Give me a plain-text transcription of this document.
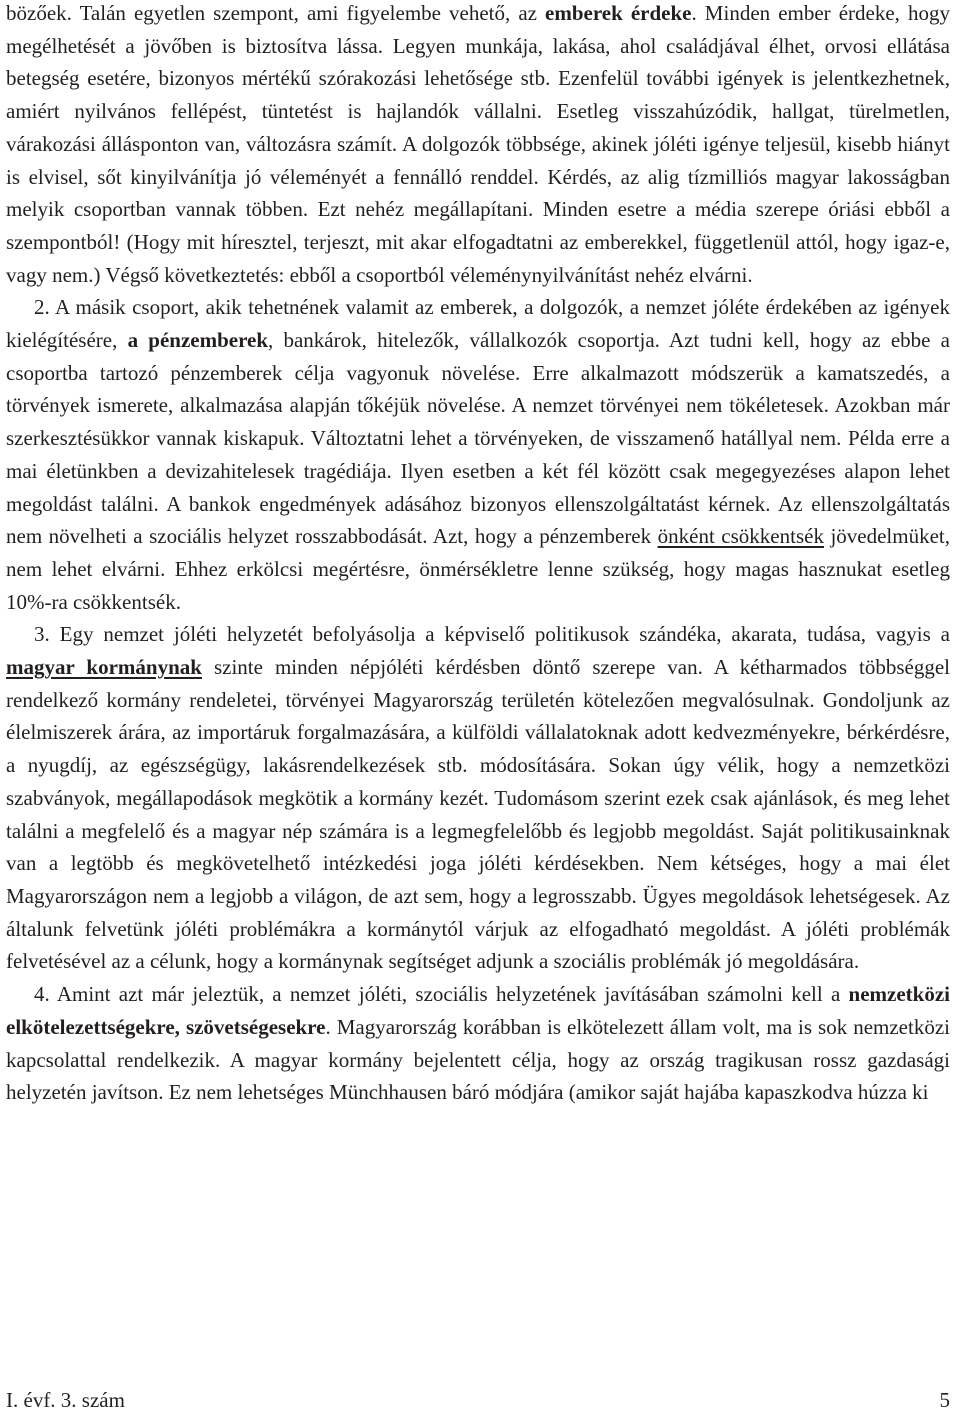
bözőek. Talán egyetlen szempont, ami figyelembe vehető, az emberek érdeke. Minden ember érdeke, hogy megélhetését a jövőben is biztosítva lássa. Legyen munkája, lakása, ahol családjával élhet, orvosi ellátása betegség esetére, bizonyos mértékű szórakozási lehetősége stb. Ezenfelül további igények is jelentkezhetnek, amiért nyilvános fellépést, tüntetést is hajlandók vállalni. Esetleg visszahúzódik, hallgat, türelmetlen, várakozási állásponton van, változásra számít. A dolgozók többsége, akinek jóléti igénye teljesül, kisebb hiányt is elvisel, sőt kinyilvánítja jó véleményét a fennálló renddel. Kérdés, az alig tízmilliós magyar lakosságban melyik csoportban vannak többen. Ezt nehéz megállapítani. Minden esetre a média szerepe óriási ebből a szempontból! (Hogy mit híresztel, terjeszt, mit akar elfogadtatni az emberekkel, függetlenül attól, hogy igaz-e, vagy nem.) Végső következtetés: ebből a csoportból véleménynyilvánítást nehéz elvárni.

2. A másik csoport, akik tehetnének valamit az emberek, a dolgozók, a nemzet jóléte érdekében az igények kielégítésére, a pénzemberek, bankárok, hitelezők, vállalkozók csoportja. Azt tudni kell, hogy az ebbe a csoportba tartozó pénzemberek célja vagyonuk növelése. Erre alkalmazott módszerük a kamatszedés, a törvények ismerete, alkalmazása alapján tőkéjük növelése. A nemzet törvényei nem tökéletesek. Azokban már szerkesztésükkor vannak kiskapuk. Változtatni lehet a törvényeken, de visszamenő hatállyal nem. Példa erre a mai életünkben a devizahitelesek tragédiája. Ilyen esetben a két fél között csak megegyezéses alapon lehet megoldást találni. A bankok engedmények adásához bizonyos ellenszolgáltatást kérnek. Az ellenszolgáltatás nem növelheti a szociális helyzet rosszabbodását. Azt, hogy a pénzemberek önként csökkentsék jövedelmüket, nem lehet elvárni. Ehhez erkölcsi megértésre, önmérsékletre lenne szükség, hogy magas hasznukat esetleg 10%-ra csökkentsék.

3. Egy nemzet jóléti helyzetét befolyásolja a képviselő politikusok szándéka, akarata, tudása, vagyis a magyar kormánynak szinte minden népjóléti kérdésben döntő szerepe van. A kétharmados többséggel rendelkező kormány rendeletei, törvényei Magyarország területén kötelezően megvalósulnak. Gondoljunk az élelmiszerek árára, az importáruk forgalmazására, a külföldi vállalatoknak adott kedvezményekre, bérkérdésre, a nyugdíj, az egészségügy, lakásrendelkezések stb. módosítására. Sokan úgy vélik, hogy a nemzetközi szabványok, megállapodások megkötik a kormány kezét. Tudomásom szerint ezek csak ajánlások, és meg lehet találni a megfelelő és a magyar nép számára is a legmegfelelőbb és legjobb megoldást. Saját politikusainknak van a legtöbb és megkövetelhető intézkedési joga jóléti kérdésekben. Nem kétséges, hogy a mai élet Magyarországon nem a legjobb a világon, de azt sem, hogy a legrosszabb. Ügyes megoldások lehetségesek. Az általunk felvetünk jóléti problémákra a kormánytól várjuk az elfogadható megoldást. A jóléti problémák felvetésével az a célunk, hogy a kormánynak segítséget adjunk a szociális problémák jó megoldására.

4. Amint azt már jeleztük, a nemzet jóléti, szociális helyzetének javításában számolni kell a nemzetközi elkötelezettségekre, szövetségesekre. Magyarország korábban is elkötelezett állam volt, ma is sok nemzetközi kapcsolattal rendelkezik. A magyar kormány bejelentett célja, hogy az ország tragikusan rossz gazdasági helyzetén javítson. Ez nem lehetséges Münchhausen báró módjára (amikor saját hajába kapaszkodva húzza ki

I. évf. 3. szám	5
